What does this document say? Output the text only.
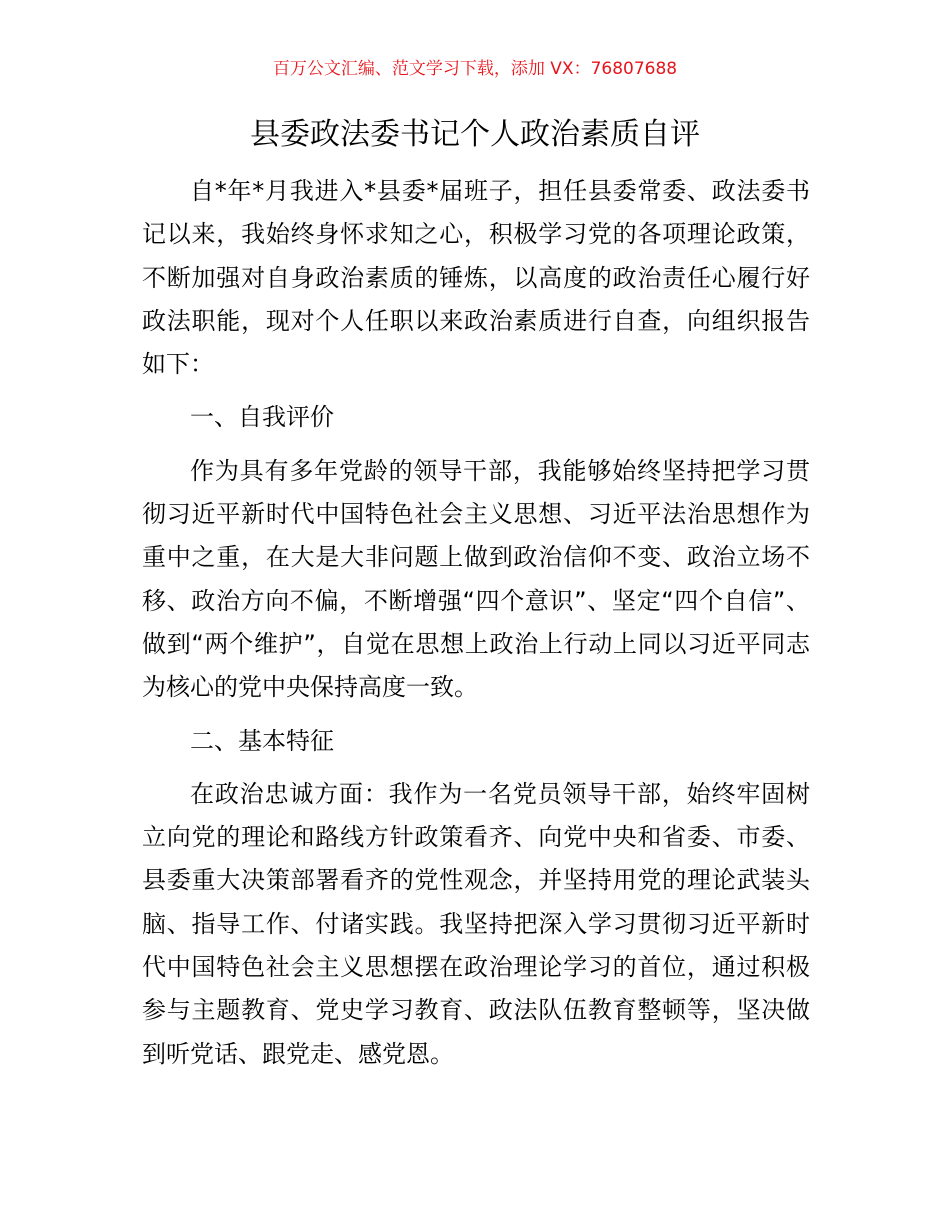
百万公文汇编、范文学习下载，添加 VX：76807688
县委政法委书记个人政治素质自评

自*年*月我进入*县委*届班子，担任县委常委、政法委书记以来，我始终身怀求知之心，积极学习党的各项理论政策，不断加强对自身政治素质的锤炼，以高度的政治责任心履行好政法职能，现对个人任职以来政治素质进行自查，向组织报告如下：

一、自我评价

作为具有多年党龄的领导干部，我能够始终坚持把学习贯彻习近平新时代中国特色社会主义思想、习近平法治思想作为重中之重，在大是大非问题上做到政治信仰不变、政治立场不移、政治方向不偏，不断增强“四个意识”、坚定“四个自信”、做到“两个维护”，自觉在思想上政治上行动上同以习近平同志为核心的党中央保持高度一致。

二、基本特征

在政治忠诚方面：我作为一名党员领导干部，始终牢固树立向党的理论和路线方针政策看齐、向党中央和省委、市委、县委重大决策部署看齐的党性观念，并坚持用党的理论武装头脑、指导工作、付诸实践。我坚持把深入学习贯彻习近平新时代中国特色社会主义思想摆在政治理论学习的首位，通过积极参与主题教育、党史学习教育、政法队伍教育整顿等，坚决做到听党话、跟党走、感党恩。
